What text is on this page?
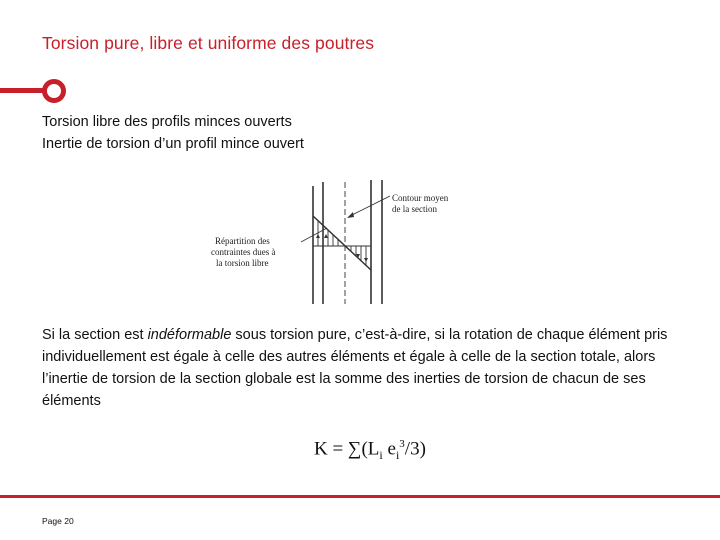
Torsion pure, libre et uniforme des poutres
Torsion libre des profils minces ouverts
Inertie de torsion d’un profil mince ouvert
Contour moyen
de la section
Répartition des
contraintes dues à
la torsion libre
Si la section est indéformable sous torsion pure, c’est-à-dire, si la rotation de chaque élément pris individuellement est égale à celle des autres éléments et égale à celle de la section totale, alors l’inertie de torsion de la section globale est la somme des inerties de torsion de chacun de ses éléments
$K = \sum(L_i$ $e_i^3/3$)
Page 20
